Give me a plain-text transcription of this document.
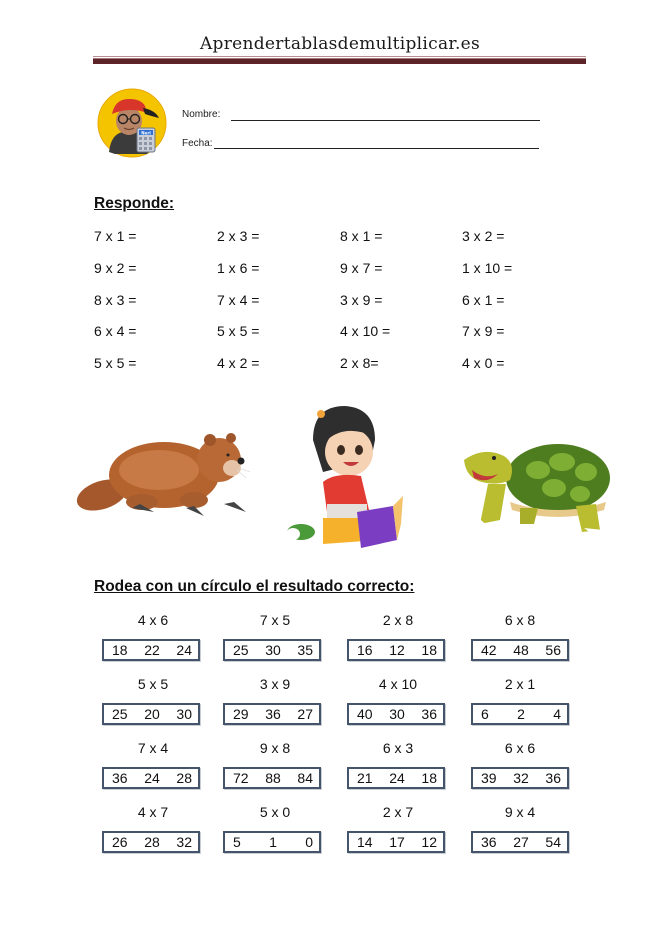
Aprendertablasdemultiplicar.es
Neri
Nombre:
Fecha:
Responde:
7 x 1 =
9 x 2 =
8 x 3 =
6 x 4 =
5 x 5 =
2 x 3 =
1 x 6 =
7 x 4 =
5 x 5 =
4 x 2 =
8 x 1 =
9 x 7 =
3 x 9 =
4 x 10 =
2 x 8=
3 x 2 =
1 x 10 =
6 x 1 =
7 x 9 =
4 x 0 =
Rodea con un círculo el resultado correcto:
4 x 6
18 22 24
7 x 5
25 30 35
2 x 8
16 12 18
6 x 8
42 48 56
5 x 5
25 20 30
3 x 9
29 36 27
4 x 10
40 30 36
2 x 1
6 2 4
7 x 4
36 24 28
9 x 8
72 88 84
6 x 3
21 24 18
6 x 6
39 32 36
4 x 7
26 28 32
5 x 0
5 1 0
2 x 7
14 17 12
9 x 4
36 27 54
